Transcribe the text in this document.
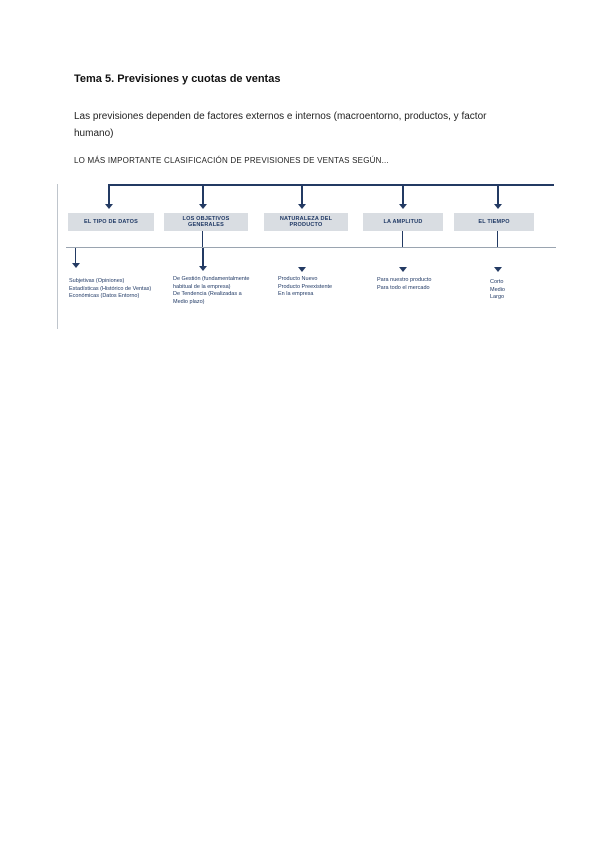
Tema 5. Previsiones y cuotas de ventas
Las previsiones dependen de factores externos e internos (macroentorno, productos, y factor humano)
LO MÁS IMPORTANTE CLASIFICACIÓN DE PREVISIONES DE VENTAS SEGÚN...
EL TIPO DE DATOS	LOS OBJETIVOS GENERALES
NATURALEZA DEL PRODUCTO	LA AMPLITUD	EL TIEMPO
Subjetivas (Opiniones)
Estadísticas (Histórico de Ventas)
Económicas (Datos Entorno)
De Gestión (fundamentalmente
habitual de la empresa)
De Tendencia (Realizadas a
Medio plazo)
Producto Nuevo
Producto Preexistente
En la empresa
Para nuestro producto
Para todo el mercado
Corto
Medio
Largo
